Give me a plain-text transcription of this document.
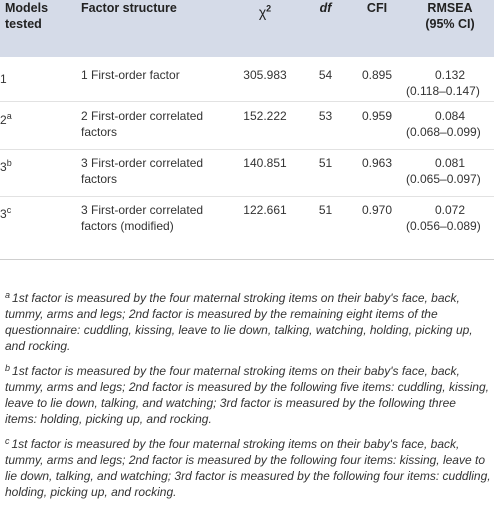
Models tested	Factor structure	$\chi^2$	df	CFI	RMSEA
(95% CI)
1	1 First-order factor	305.983	54	0.895	0.132
(0.118–0.147)
2$^a$	2 First-order correlated factors	152.222	53	0.959	0.084
(0.068–0.099)
3$^b$	3 First-order correlated factors	140.851	51	0.963	0.081
(0.065–0.097)
3$^c$	3 First-order correlated factors (modified)	122.661	51	0.970	0.072
(0.056–0.089)

$^a$ 1st factor is measured by the four maternal stroking items on their baby's face, back, tummy, arms and legs; 2nd factor is measured by the remaining eight items of the questionnaire: cuddling, kissing, leave to lie down, talking, watching, holding, picking up, and rocking.

$^b$ 1st factor is measured by the four maternal stroking items on their baby's face, back, tummy, arms and legs; 2nd factor is measured by the following five items: cuddling, kissing, leave to lie down, talking, and watching; 3rd factor is measured by the following three items: holding, picking up, and rocking.

$^c$ 1st factor is measured by the four maternal stroking items on their baby's face, back, tummy, arms and legs; 2nd factor is measured by the following four items: kissing, leave to lie down, talking, and watching; 3rd factor is measured by the following four items: cuddling, holding, picking up, and rocking.
